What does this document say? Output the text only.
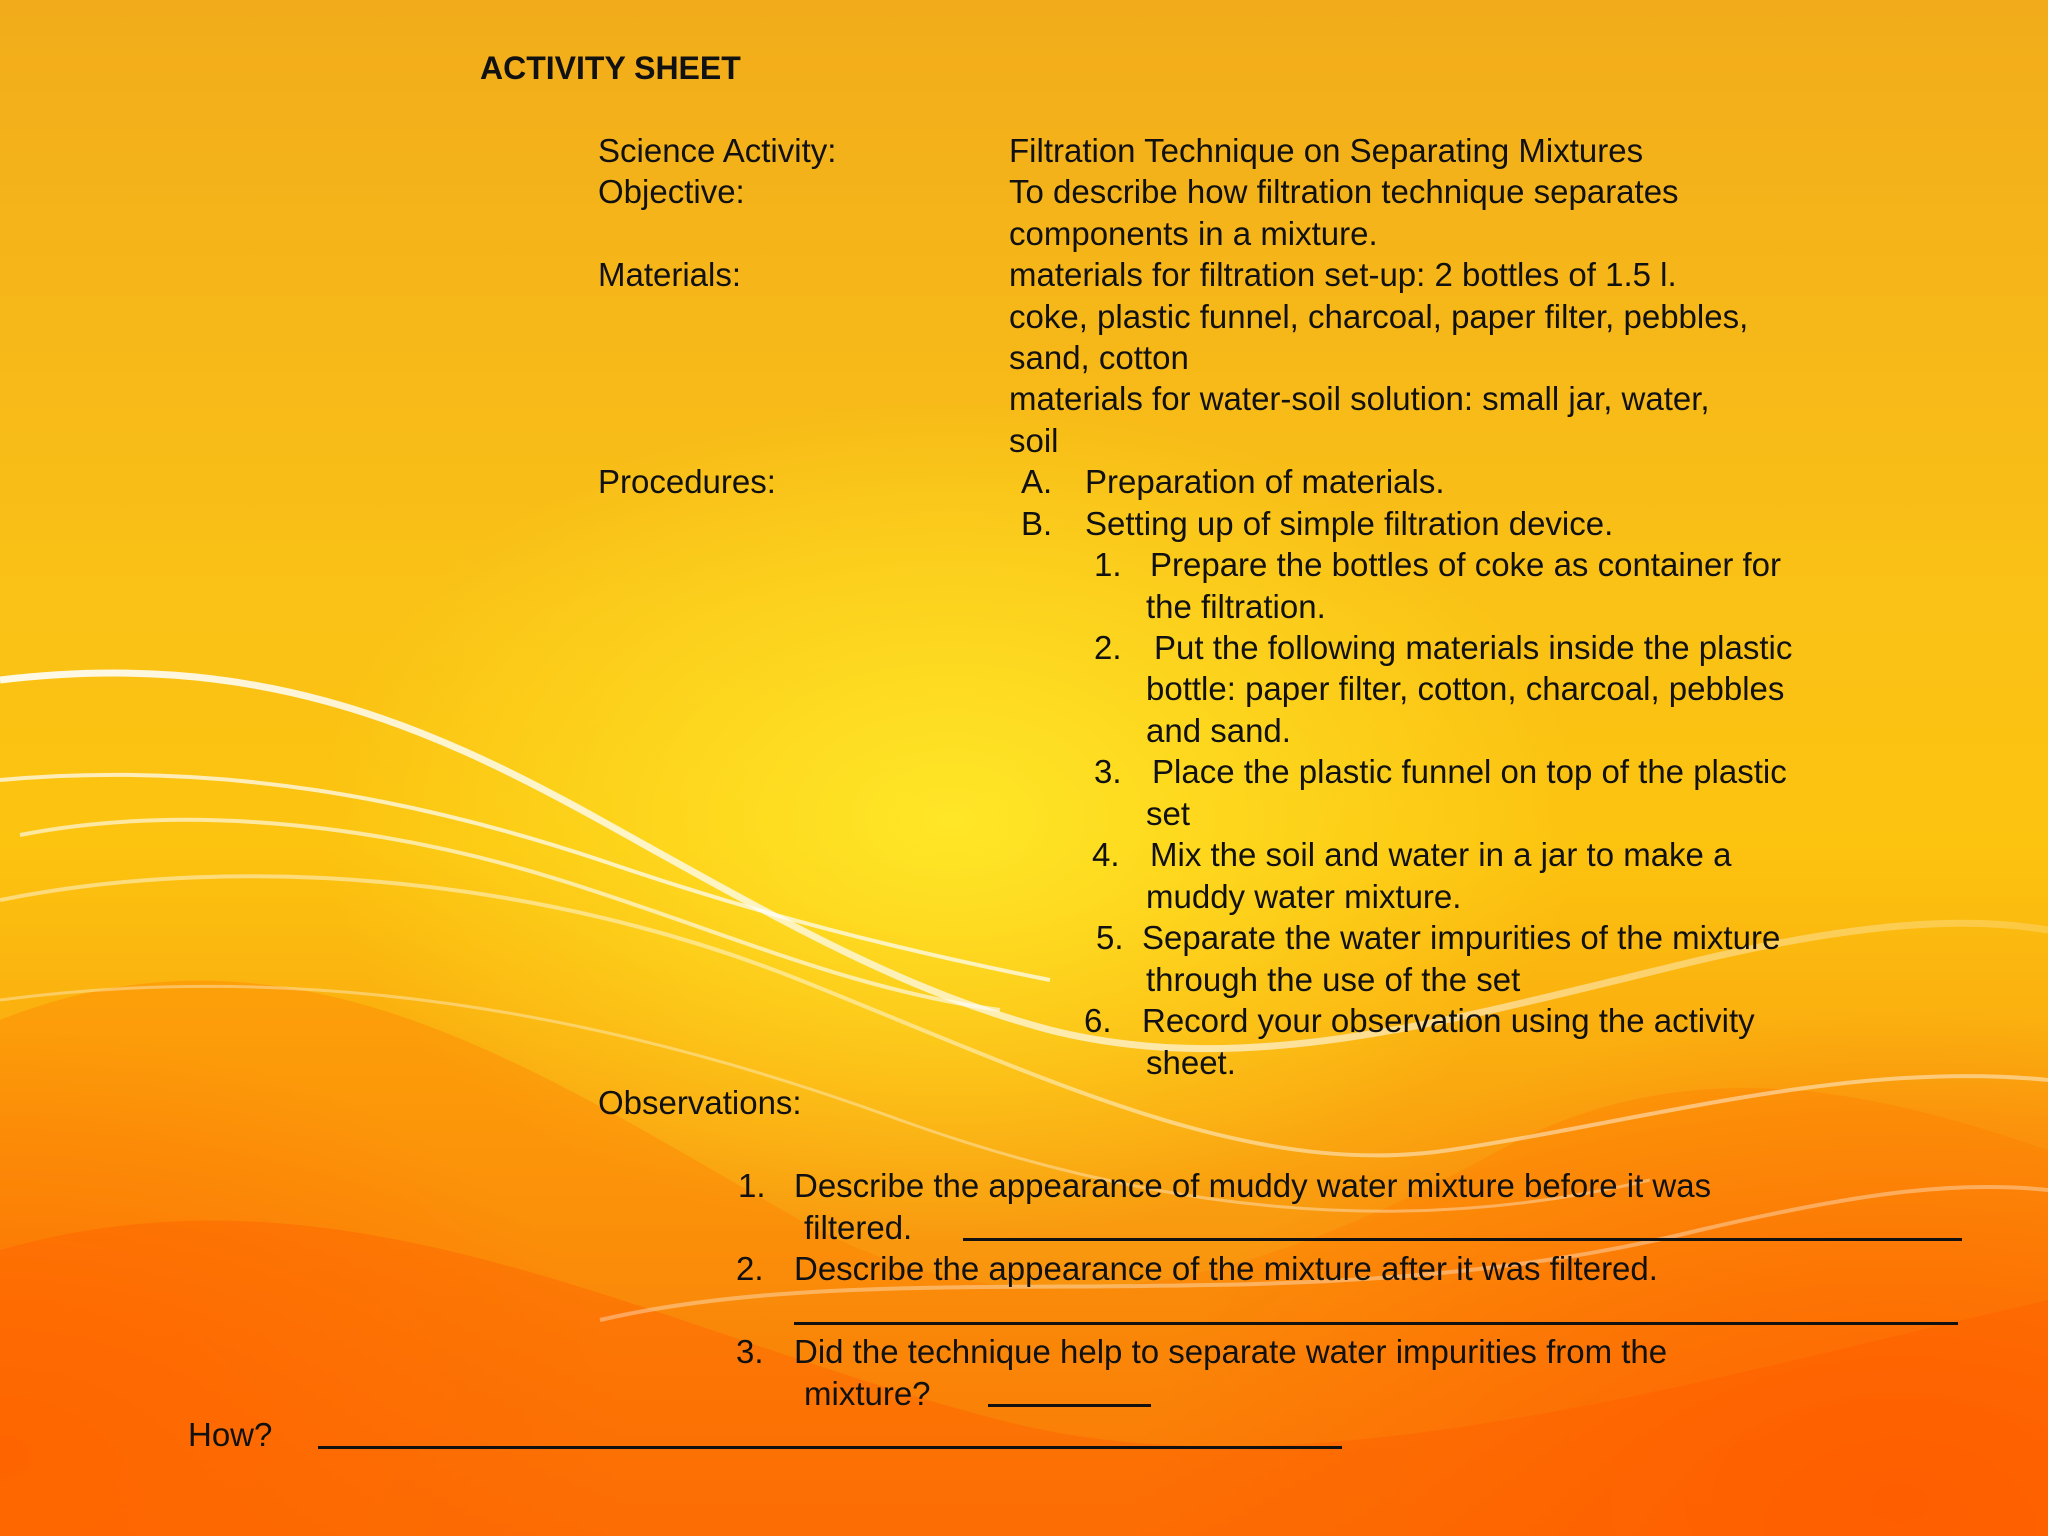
ACTIVITY SHEET
Science Activity:
Objective:
Materials:
Procedures:
Observations:
Filtration Technique on Separating Mixtures
To describe how filtration technique separates
components in a mixture.
materials for filtration set-up: 2 bottles of 1.5 l.
coke, plastic funnel, charcoal, paper filter, pebbles,
sand, cotton
materials for water-soil solution: small jar, water,
soil
A. Preparation of materials.
B. Setting up of simple filtration device.
1. Prepare the bottles of coke as container for
the filtration.
2. Put the following materials inside the plastic
bottle: paper filter, cotton, charcoal, pebbles
and sand.
3. Place the plastic funnel on top of the plastic
set
4. Mix the soil and water in a jar to make a
muddy water mixture.
5. Separate the water impurities of the mixture
through the use of the set
6. Record your observation using the activity
sheet.
1. Describe the appearance of muddy water mixture before it was
filtered.
2. Describe the appearance of the mixture after it was filtered.
3. Did the technique help to separate water impurities from the
mixture?
How?
